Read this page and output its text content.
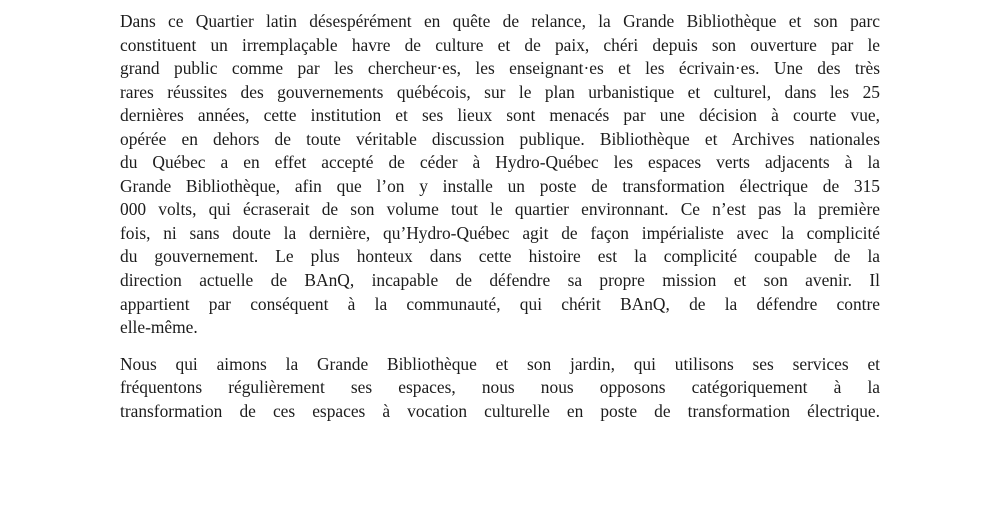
Dans ce Quartier latin désespérément en quête de relance, la Grande Bibliothèque et son parc
constituent un irremplaçable havre de culture et de paix, chéri depuis son ouverture par le
grand public comme par les chercheur·es, les enseignant·es et les écrivain·es. Une des très
rares réussites des gouvernements québécois, sur le plan urbanistique et culturel, dans les 25
dernières années, cette institution et ses lieux sont menacés par une décision à courte vue,
opérée en dehors de toute véritable discussion publique. Bibliothèque et Archives nationales
du Québec a en effet accepté de céder à Hydro-Québec les espaces verts adjacents à la
Grande Bibliothèque, afin que l’on y installe un poste de transformation électrique de 315
000 volts, qui écraserait de son volume tout le quartier environnant. Ce n’est pas la première
fois, ni sans doute la dernière, qu’Hydro-Québec agit de façon impérialiste avec la complicité
du gouvernement. Le plus honteux dans cette histoire est la complicité coupable de la
direction actuelle de BAnQ, incapable de défendre sa propre mission et son avenir. Il
appartient par conséquent à la communauté, qui chérit BAnQ, de la défendre contre
elle-même.

Nous qui aimons la Grande Bibliothèque et son jardin, qui utilisons ses services et
fréquentons régulièrement ses espaces, nous nous opposons catégoriquement à la
transformation de ces espaces à vocation culturelle en poste de transformation électrique.
